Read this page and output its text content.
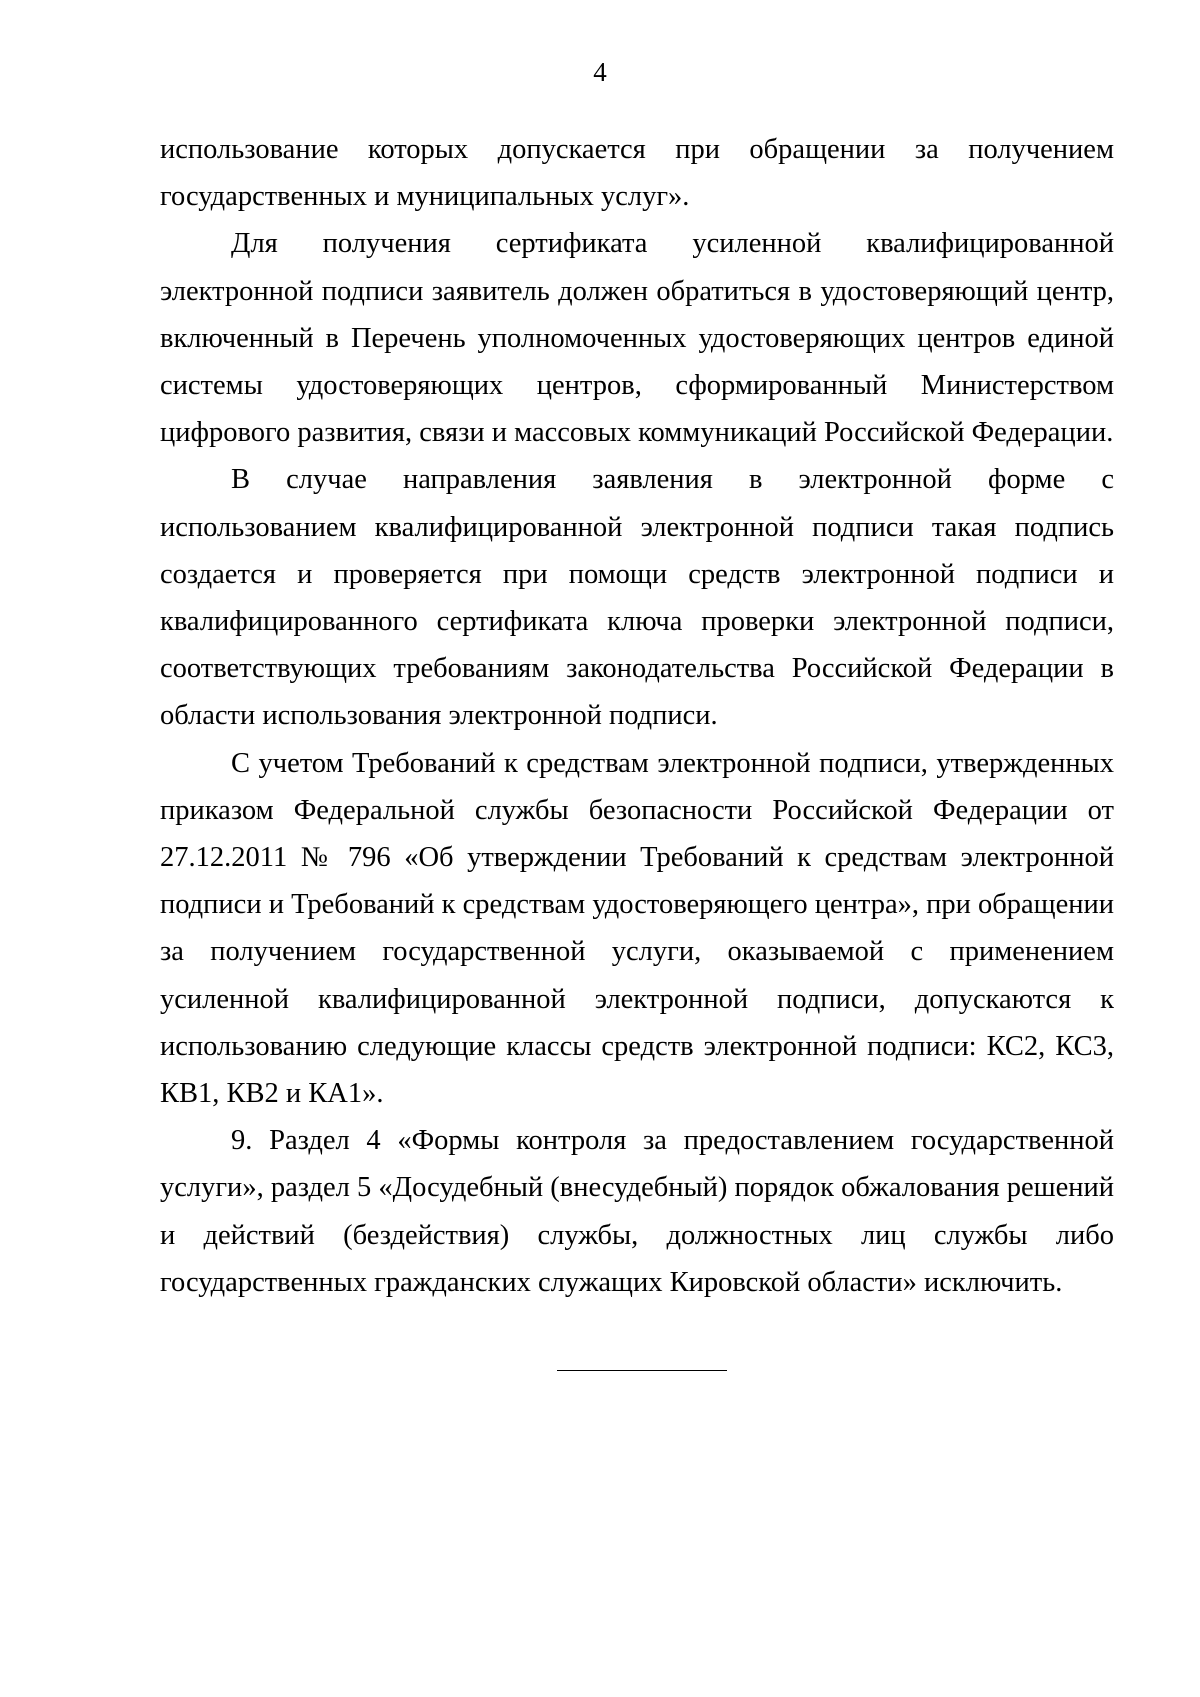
4

использование которых допускается при обращении за получением государственных и муниципальных услуг».

Для получения сертификата усиленной квалифицированной электронной подписи заявитель должен обратиться в удостоверяющий центр, включенный в Перечень уполномоченных удостоверяющих центров единой системы удостоверяющих центров, сформированный Министерством цифрового развития, связи и массовых коммуникаций Российской Федерации.

В случае направления заявления в электронной форме с использованием квалифицированной электронной подписи такая подпись создается и проверяется при помощи средств электронной подписи и квалифицированного сертификата ключа проверки электронной подписи, соответствующих требованиям законодательства Российской Федерации в области использования электронной подписи.

С учетом Требований к средствам электронной подписи, утвержденных приказом Федеральной службы безопасности Российской Федерации от 27.12.2011 № 796 «Об утверждении Требований к средствам электронной подписи и Требований к средствам удостоверяющего центра», при обращении за получением государственной услуги, оказываемой с применением усиленной квалифицированной электронной подписи, допускаются к использованию следующие классы средств электронной подписи: КС2, КС3, КВ1, КВ2 и КА1».

9. Раздел 4 «Формы контроля за предоставлением государственной услуги», раздел 5 «Досудебный (внесудебный) порядок обжалования решений и действий (бездействия) службы, должностных лиц службы либо государственных гражданских служащих Кировской области» исключить.
